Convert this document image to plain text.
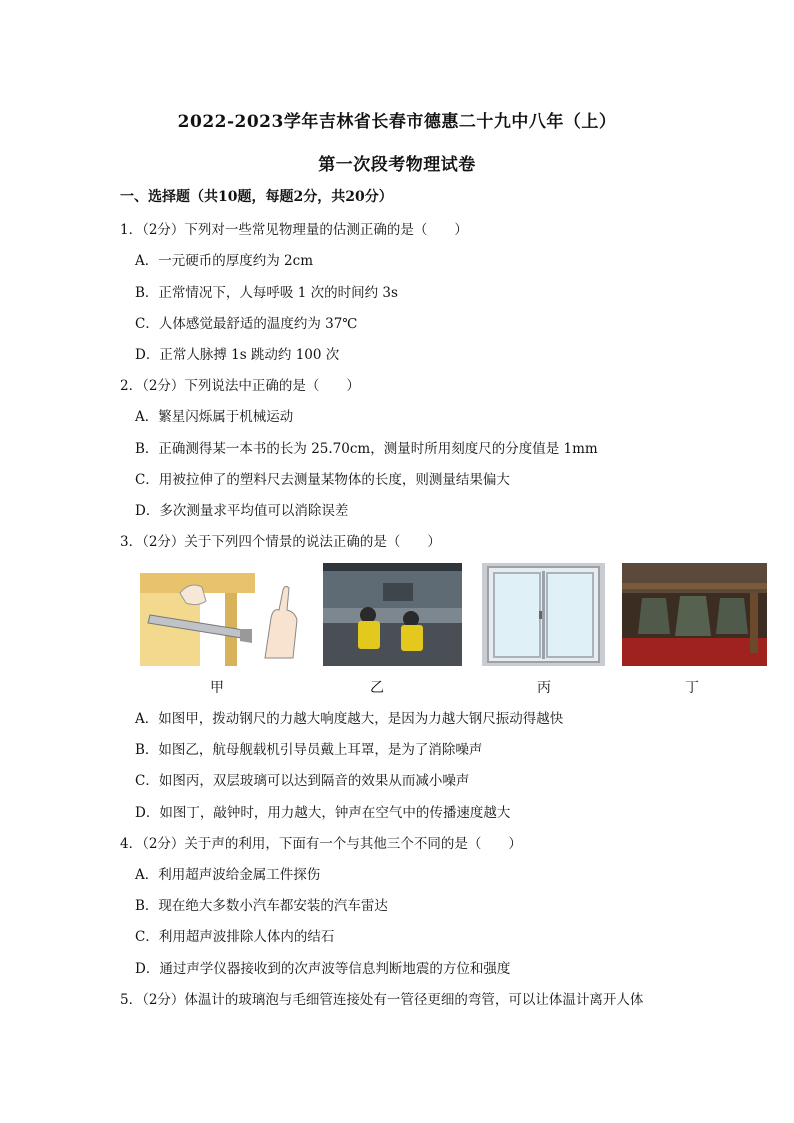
2022-2023学年吉林省长春市德惠二十九中八年（上）
第一次段考物理试卷
一、选择题（共10题，每题2分，共20分）
1．（2分）下列对一些常见物理量的估测正确的是（　　）
A．一元硬币的厚度约为 2cm
B．正常情况下，人每呼吸 1 次的时间约 3s
C．人体感觉最舒适的温度约为 37℃
D．正常人脉搏 1s 跳动约 100 次
2．（2分）下列说法中正确的是（　　）
A．繁星闪烁属于机械运动
B．正确测得某一本书的长为 25.70cm，测量时所用刻度尺的分度值是 1mm
C．用被拉伸了的塑料尺去测量某物体的长度，则测量结果偏大
D．多次测量求平均值可以消除误差
3．（2分）关于下列四个情景的说法正确的是（　　）
甲	乙	丙	丁
A．如图甲，拨动钢尺的力越大响度越大，是因为力越大钢尺振动得越快
B．如图乙，航母舰载机引导员戴上耳罩，是为了消除噪声
C．如图丙，双层玻璃可以达到隔音的效果从而减小噪声
D．如图丁，敲钟时，用力越大，钟声在空气中的传播速度越大
4．（2分）关于声的利用，下面有一个与其他三个不同的是（　　）
A．利用超声波给金属工件探伤
B．现在绝大多数小汽车都安装的汽车雷达
C．利用超声波排除人体内的结石
D．通过声学仪器接收到的次声波等信息判断地震的方位和强度
5．（2分）体温计的玻璃泡与毛细管连接处有一管径更细的弯管，可以让体温计离开人体
